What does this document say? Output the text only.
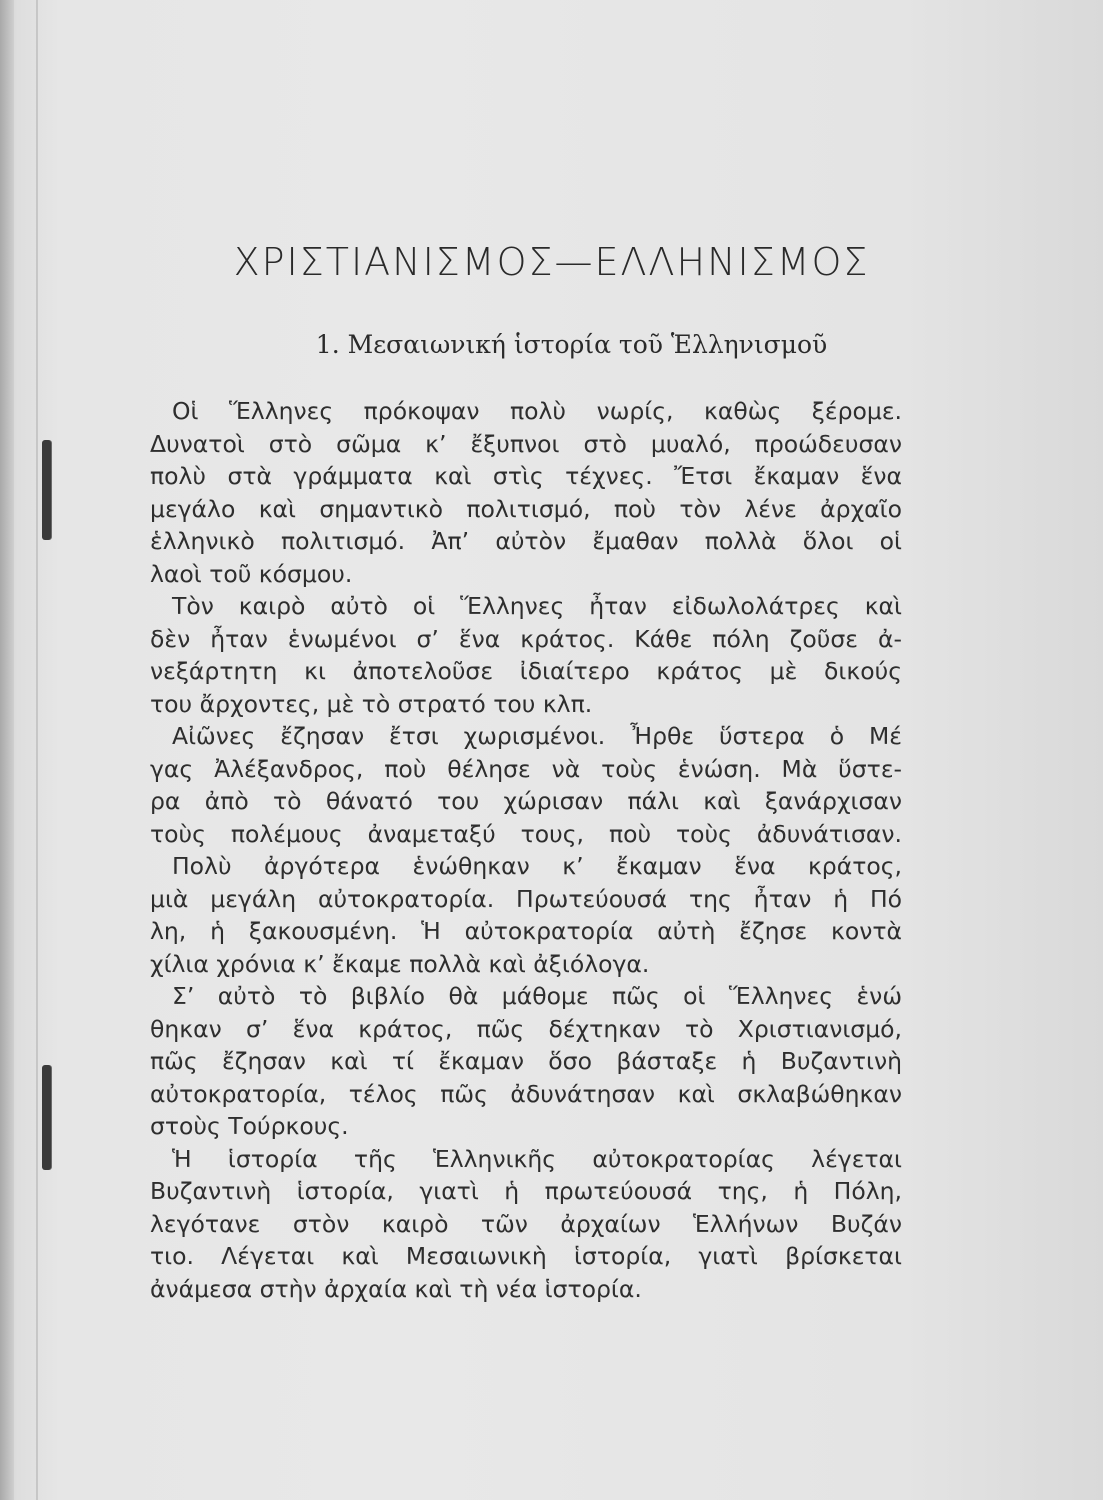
ΧΡΙΣΤΙΑΝΙΣΜΟΣ—ΕΛΛΗΝΙΣΜΟΣ
1. Μεσαιωνική ἱστορία τοῦ Ἑλληνισμοῦ
Οἱ Ἕλληνες πρόκοψαν πολὺ νωρίς, καθὼς ξέρομε.
Δυνατοὶ στὸ σῶμα κ’ ἔξυπνοι στὸ μυαλό, προώδευσαν
πολὺ στὰ γράμματα καὶ στὶς τέχνες. Ἔτσι ἔκαμαν ἕνα
μεγάλο καὶ σημαντικὸ πολιτισμό, ποὺ τὸν λένε ἀρχαῖο
ἑλληνικὸ πολιτισμό. Ἀπ’ αὐτὸν ἔμαθαν πολλὰ ὅλοι οἱ
λαοὶ τοῦ κόσμου.
Τὸν καιρὸ αὐτὸ οἱ Ἕλληνες ἦταν εἰδωλολάτρες καὶ
δὲν ἦταν ἑνωμένοι σ’ ἕνα κράτος. Κάθε πόλη ζοῦσε ἀ-
νεξάρτητη κι ἀποτελοῦσε ἰδιαίτερο κράτος μὲ δικούς
του ἄρχοντες, μὲ τὸ στρατό του κλπ.
Αἰῶνες ἔζησαν ἔτσι χωρισμένοι. Ἦρθε ὕστερα ὁ Μέ
γας Ἀλέξανδρος, ποὺ θέλησε νὰ τοὺς ἑνώση. Μὰ ὕστε-
ρα ἀπὸ τὸ θάνατό του χώρισαν πάλι καὶ ξανάρχισαν
τοὺς πολέμους ἀναμεταξύ τους, ποὺ τοὺς ἀδυνάτισαν.
Πολὺ ἀργότερα ἑνώθηκαν κ’ ἔκαμαν ἕνα κράτος,
μιὰ μεγάλη αὐτοκρατορία. Πρωτεύουσά της ἦταν ἡ Πό
λη, ἡ ξακουσμένη. Ἡ αὐτοκρατορία αὐτὴ ἔζησε κοντὰ
χίλια χρόνια κ’ ἔκαμε πολλὰ καὶ ἀξιόλογα.
Σ’ αὐτὸ τὸ βιβλίο θὰ μάθομε πῶς οἱ Ἕλληνες ἑνώ
θηκαν σ’ ἕνα κράτος, πῶς δέχτηκαν τὸ Χριστιανισμό,
πῶς ἔζησαν καὶ τί ἔκαμαν ὅσο βάσταξε ἡ Βυζαντινὴ
αὐτοκρατορία, τέλος πῶς ἀδυνάτησαν καὶ σκλαβώθηκαν
στοὺς Τούρκους.
Ἡ ἱστορία τῆς Ἑλληνικῆς αὐτοκρατορίας λέγεται
Βυζαντινὴ ἱστορία, γιατὶ ἡ πρωτεύουσά της, ἡ Πόλη,
λεγότανε στὸν καιρὸ τῶν ἀρχαίων Ἑλλήνων Βυζάν
τιο. Λέγεται καὶ Μεσαιωνικὴ ἱστορία, γιατὶ βρίσκεται
ἀνάμεσα στὴν ἀρχαία καὶ τὴ νέα ἱστορία.
